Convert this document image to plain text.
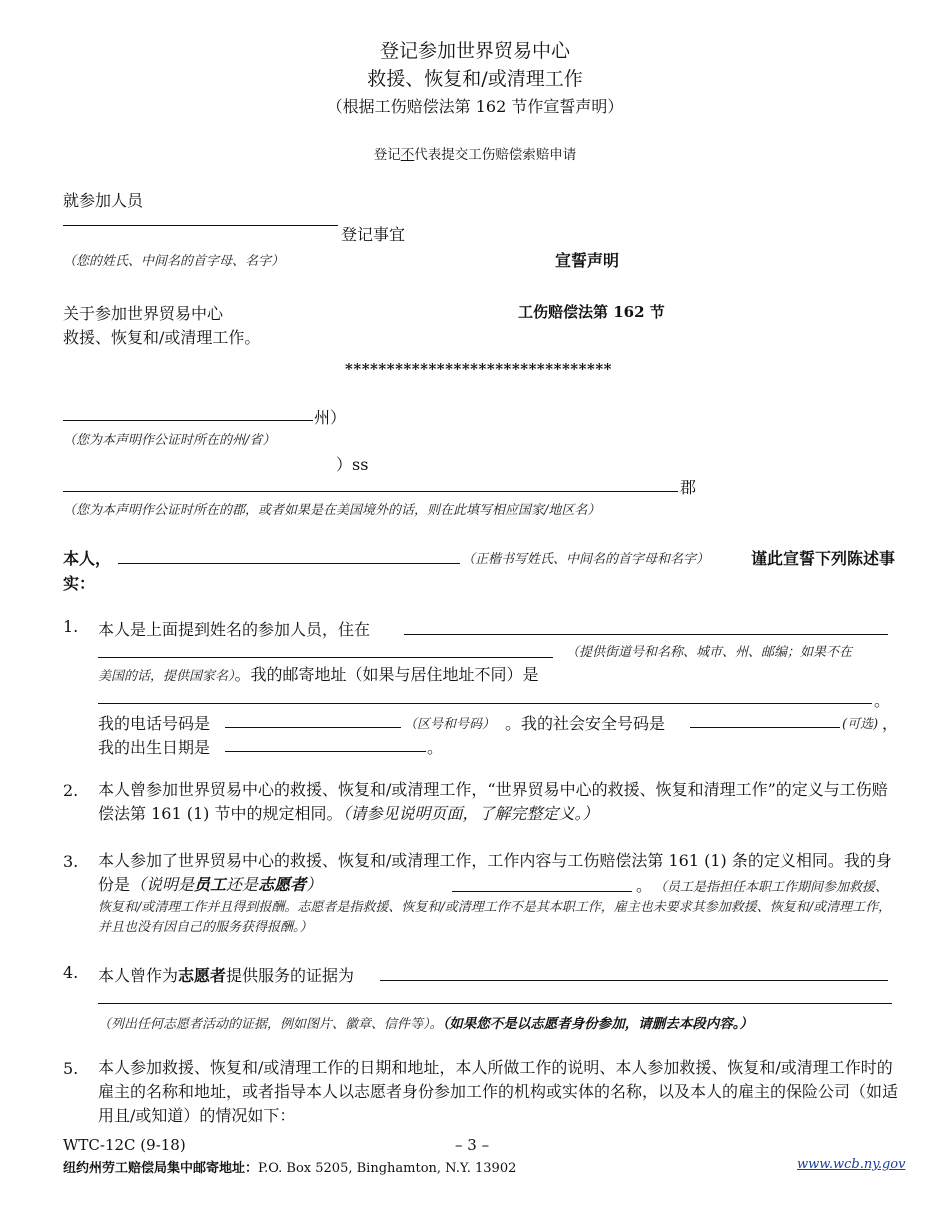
登记参加世界贸易中心
救援、恢复和/或清理工作
（根据工伤赔偿法第 162 节作宣誓声明）
登记不代表提交工伤赔偿索赔申请
就参加人员
登记事宜
（您的姓氏、中间名的首字母、名字）	宣誓声明
关于参加世界贸易中心
救援、恢复和/或清理工作。
工伤赔偿法第 162 节
********************************
州）
（您为本声明作公证时所在的州/省）
）ss
郡
（您为本声明作公证时所在的郡，或者如果是在美国境外的话，则在此填写相应国家/地区名）
本人，	（正楷书写姓氏、中间名的首字母和名字）	谨此宣誓下列陈述事
实：
1. 本人是上面提到姓名的参加人员，住在
（提供街道号和名称、城市、州、邮编；如果不在
美国的话，提供国家名）。我的邮寄地址（如果与居住地址不同）是
。
我的电话号码是	（区号和号码） 。我的社会安全号码是	(可选) ，
我的出生日期是	。
2. 本人曾参加世界贸易中心的救援、恢复和/或清理工作，“世界贸易中心的救援、恢复和清理工作”的定义与工伤赔偿法第 161 (1) 节中的规定相同。（请参见说明页面，了解完整定义。）
3. 本人参加了世界贸易中心的救援、恢复和/或清理工作，工作内容与工伤赔偿法第 161 (1) 条的定义相同。我的身份是（说明是员工还是志愿者）	。 （员工是指担任本职工作期间参加救援、恢复和/或清理工作并且得到报酬。志愿者是指救援、恢复和/或清理工作不是其本职工作，雇主也未要求其参加救援、恢复和/或清理工作，并且也没有因自己的服务获得报酬。）
4. 本人曾作为志愿者提供服务的证据为
（列出任何志愿者活动的证据，例如图片、徽章、信件等）。（如果您不是以志愿者身份参加，请删去本段内容。）
5. 本人参加救援、恢复和/或清理工作的日期和地址，本人所做工作的说明、本人参加救援、恢复和/或清理工作时的雇主的名称和地址，或者指导本人以志愿者身份参加工作的机构或实体的名称，以及本人的雇主的保险公司（如适用且/或知道）的情况如下：
WTC-12C (9-18)	– 3 –
纽约州劳工赔偿局集中邮寄地址：P.O. Box 5205, Binghamton, N.Y. 13902	www.wcb.ny.gov
